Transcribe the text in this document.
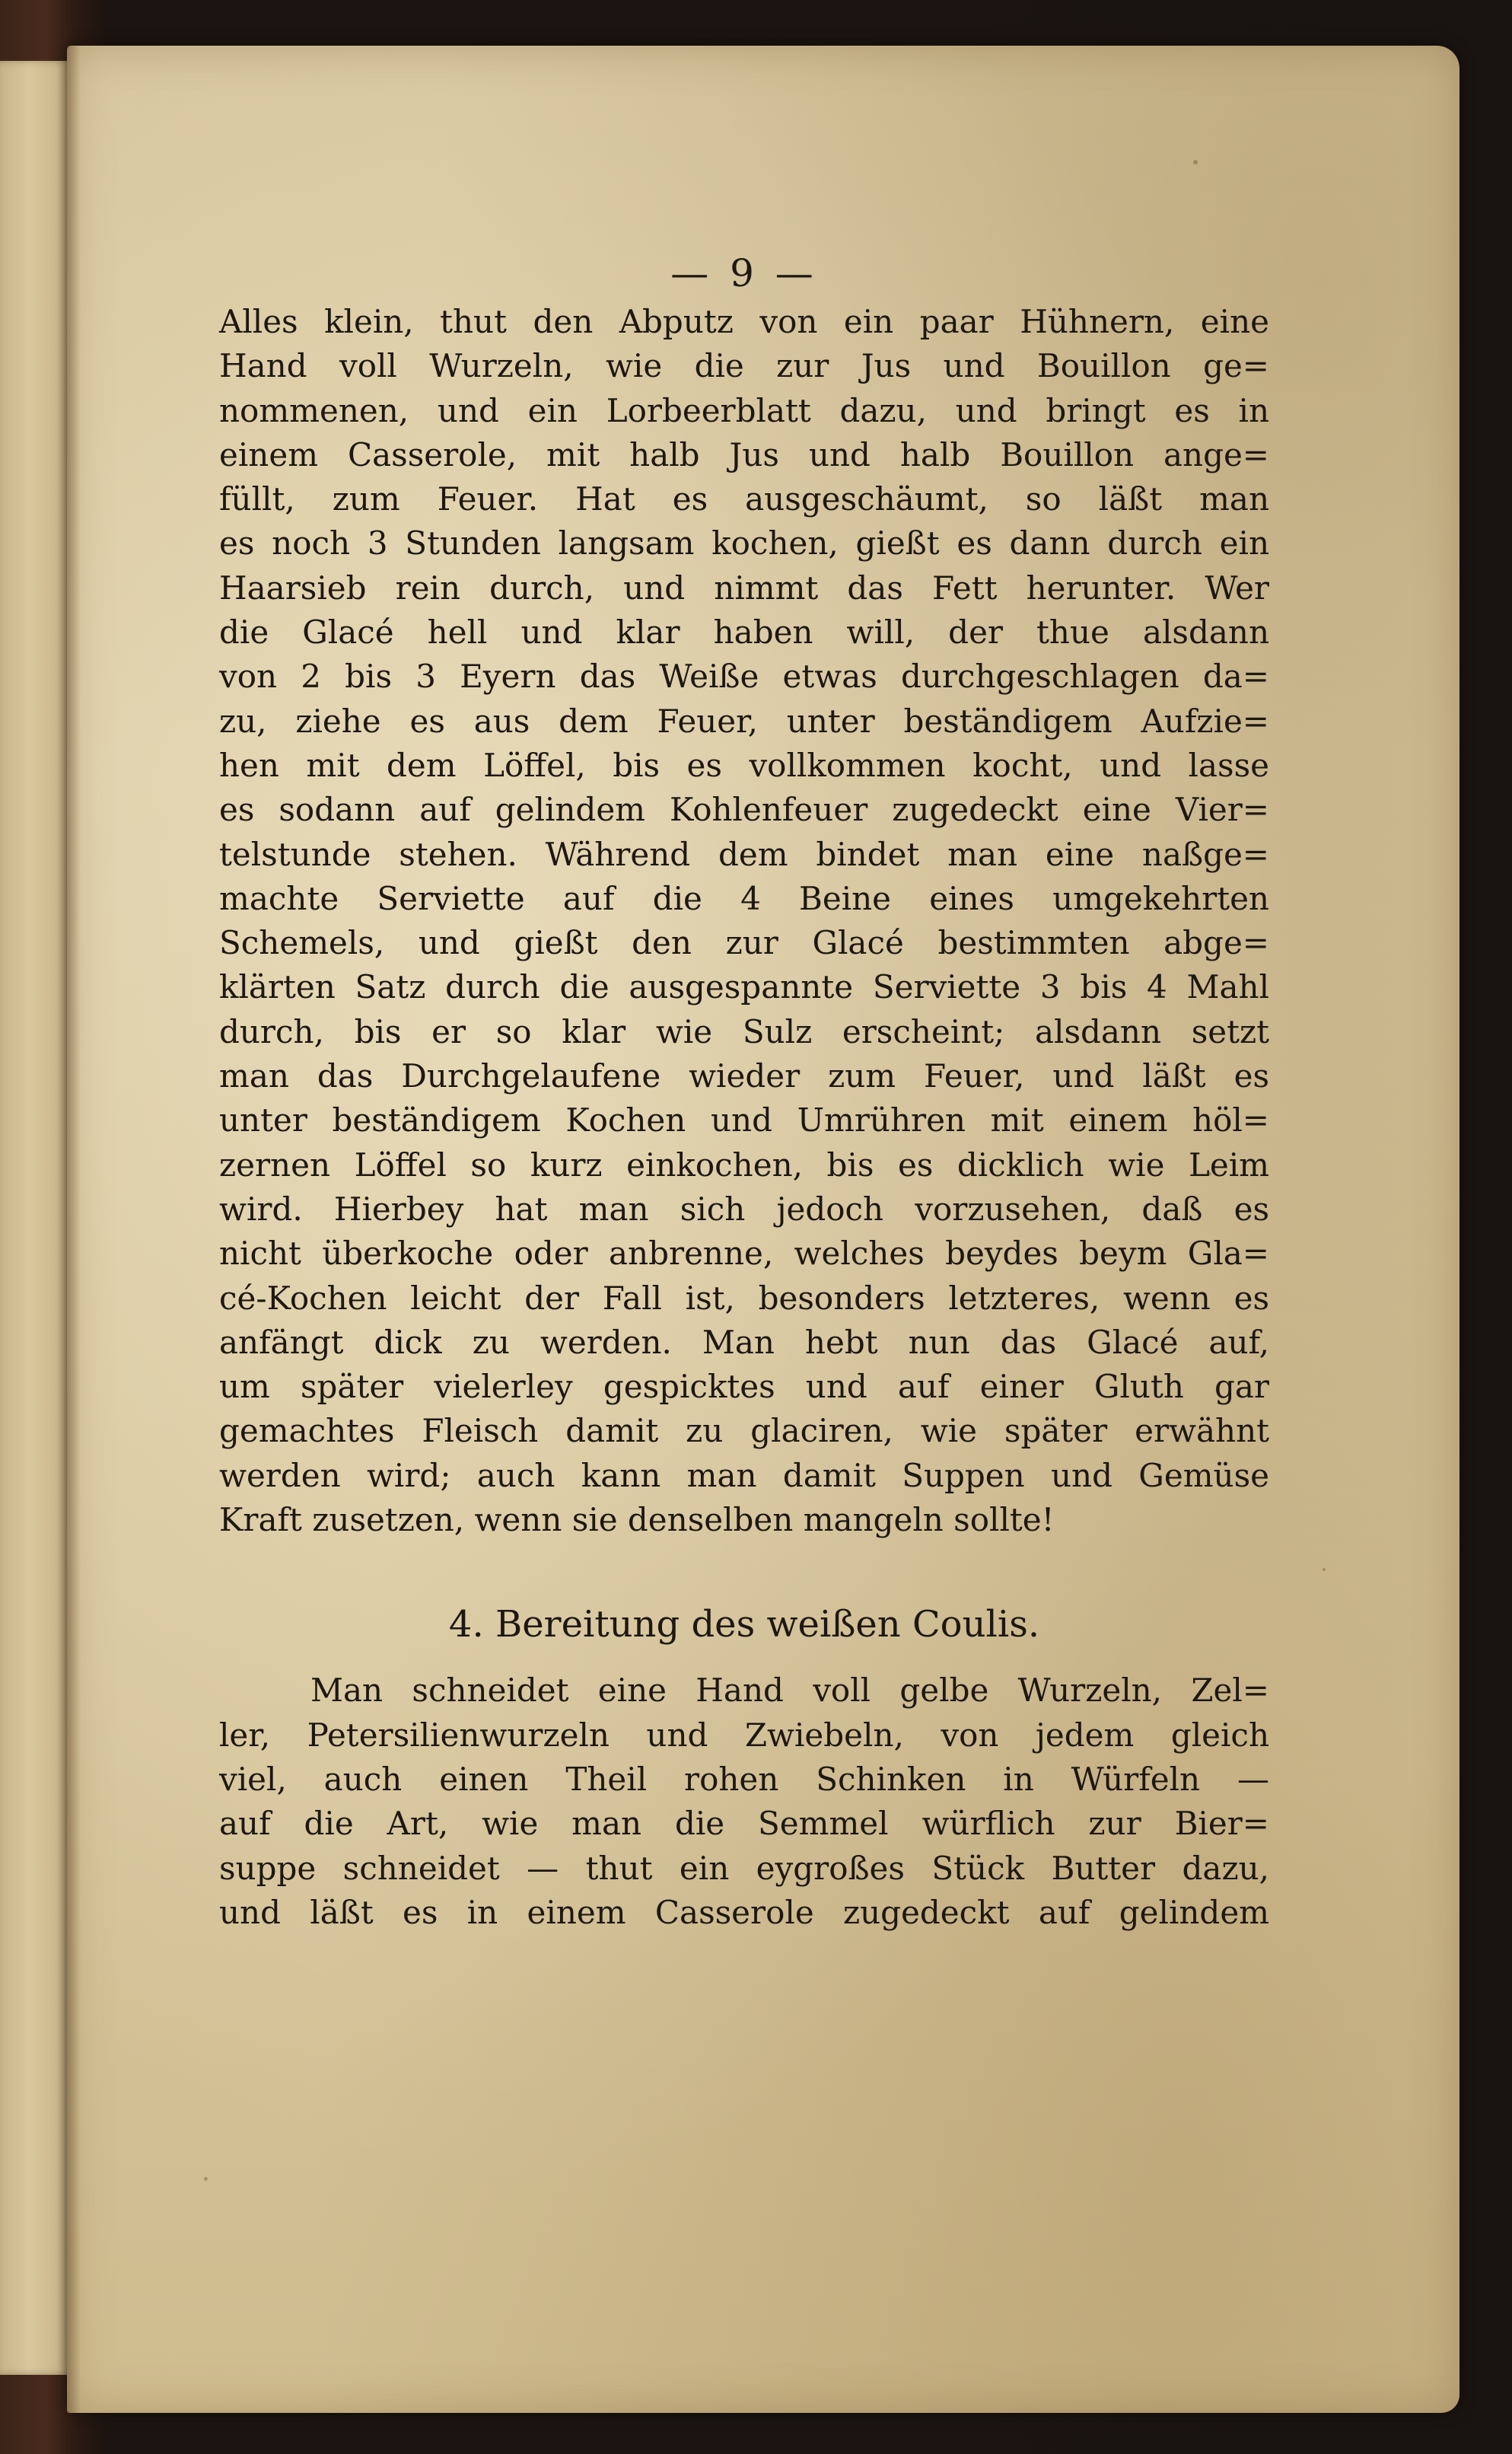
— 9 —

Alles klein, thut den Abputz von ein paar Hühnern, eine
Hand voll Wurzeln, wie die zur Jus und Bouillon ge=
nommenen, und ein Lorbeerblatt dazu, und bringt es in
einem Casserole, mit halb Jus und halb Bouillon ange=
füllt, zum Feuer. Hat es ausgeschäumt, so läßt man
es noch 3 Stunden langsam kochen, gießt es dann durch ein
Haarsieb rein durch, und nimmt das Fett herunter. Wer
die Glacé hell und klar haben will, der thue alsdann
von 2 bis 3 Eyern das Weiße etwas durchgeschlagen da=
zu, ziehe es aus dem Feuer, unter beständigem Aufzie=
hen mit dem Löffel, bis es vollkommen kocht, und lasse
es sodann auf gelindem Kohlenfeuer zugedeckt eine Vier=
telstunde stehen. Während dem bindet man eine naßge=
machte Serviette auf die 4 Beine eines umgekehrten
Schemels, und gießt den zur Glacé bestimmten abge=
klärten Satz durch die ausgespannte Serviette 3 bis 4 Mahl
durch, bis er so klar wie Sulz erscheint; alsdann setzt
man das Durchgelaufene wieder zum Feuer, und läßt es
unter beständigem Kochen und Umrühren mit einem höl=
zernen Löffel so kurz einkochen, bis es dicklich wie Leim
wird. Hierbey hat man sich jedoch vorzusehen, daß es
nicht überkoche oder anbrenne, welches beydes beym Gla=
cé-Kochen leicht der Fall ist, besonders letzteres, wenn es
anfängt dick zu werden. Man hebt nun das Glacé auf,
um später vielerley gespicktes und auf einer Gluth gar
gemachtes Fleisch damit zu glaciren, wie später erwähnt
werden wird; auch kann man damit Suppen und Gemüse
Kraft zusetzen, wenn sie denselben mangeln sollte!

4. Bereitung des weißen Coulis.

Man schneidet eine Hand voll gelbe Wurzeln, Zel=
ler, Petersilienwurzeln und Zwiebeln, von jedem gleich
viel, auch einen Theil rohen Schinken in Würfeln —
auf die Art, wie man die Semmel würflich zur Bier=
suppe schneidet — thut ein eygroßes Stück Butter dazu,
und läßt es in einem Casserole zugedeckt auf gelindem
